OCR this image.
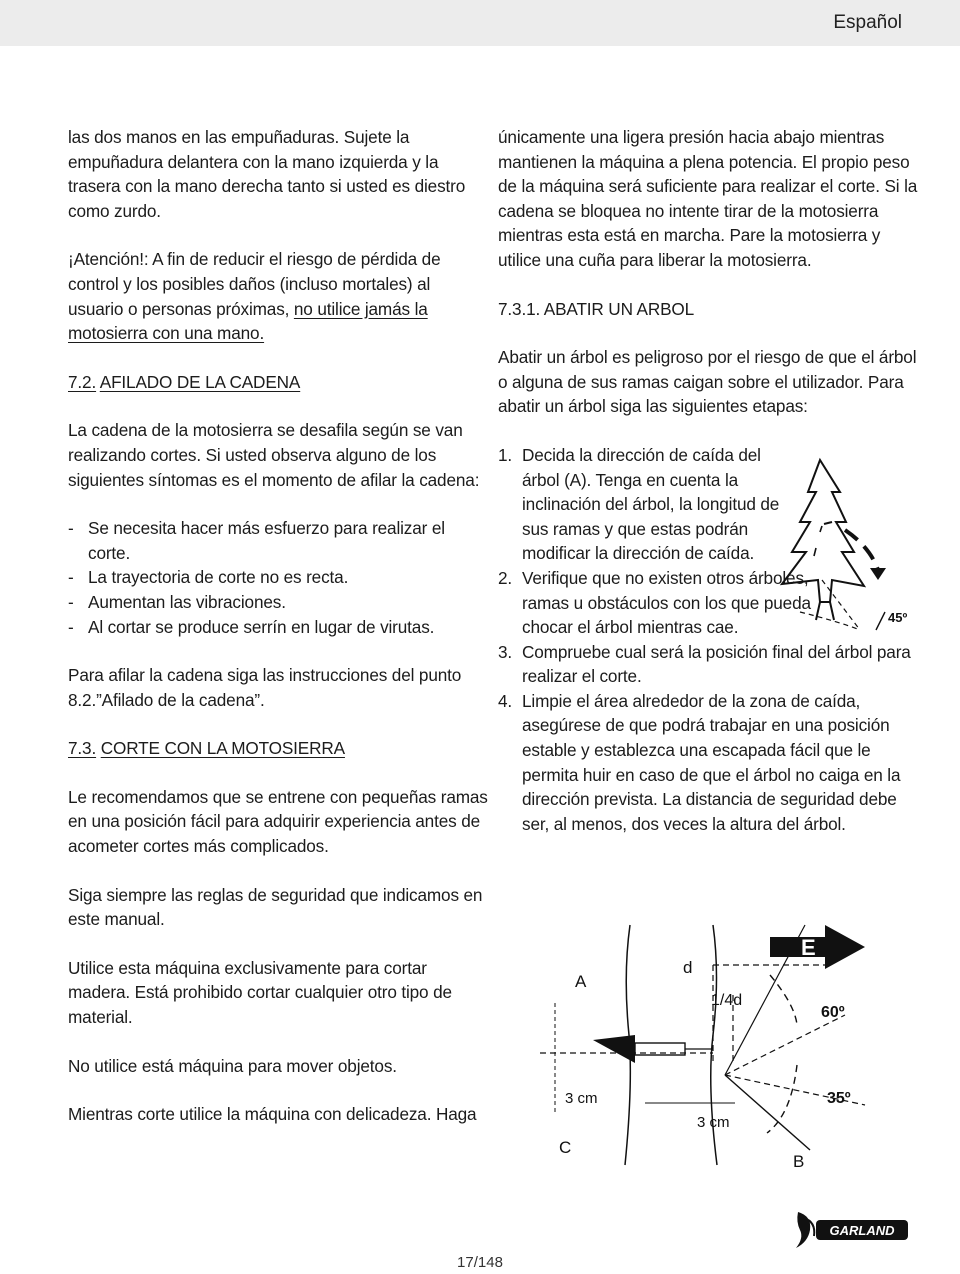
Español

las dos manos en las empuñaduras. Sujete la empuñadura delantera con la mano izquierda y la trasera con la mano derecha tanto si usted es diestro como zurdo.

¡Atención!: A fin de reducir el riesgo de pérdida de control y los posibles daños (incluso mortales) al usuario o personas próximas, no utilice jamás la motosierra con una mano.

7.2. AFILADO DE LA CADENA

La cadena de la motosierra se desafila según se van realizando cortes. Si usted observa alguno de los siguientes síntomas es el momento de afilar la cadena:

- Se necesita hacer más esfuerzo para realizar el corte.
- La trayectoria de corte no es recta.
- Aumentan las vibraciones.
- Al cortar se produce serrín en lugar de virutas.

Para afilar la cadena siga las instrucciones del punto 8.2.”Afilado de la cadena”.

7.3. CORTE CON LA MOTOSIERRA

Le recomendamos que se entrene con pequeñas ramas en una posición fácil para adquirir experiencia antes de acometer cortes más complicados.

Siga siempre las reglas de seguridad que indicamos en este manual.

Utilice esta máquina exclusivamente para cortar madera. Está prohibido cortar cualquier otro tipo de material.

No utilice está máquina para mover objetos.

Mientras corte utilice la máquina con delicadeza. Haga

únicamente una ligera presión hacia abajo mientras mantienen la máquina a plena potencia. El propio peso de la máquina será suficiente para realizar el corte. Si la cadena se bloquea no intente tirar de la motosierra mientras esta está en marcha. Pare la motosierra y utilice una cuña para liberar la motosierra.

7.3.1. ABATIR UN ARBOL

Abatir un árbol es peligroso por el riesgo de que el árbol o alguna de sus ramas caigan sobre el utilizador. Para abatir un árbol siga las siguientes etapas:

1. Decida la dirección de caída del árbol (A). Tenga en cuenta la inclinación del árbol, la longitud de sus ramas y que estas podrán modificar la dirección de caída.
2. Verifique que no existen otros árboles, ramas u obstáculos con los que pueda chocar el árbol mientras cae.
3. Compruebe cual será la posición final del árbol para realizar el corte.
4. Limpie el área alrededor de la zona de caída, asegúrese de que podrá trabajar en una posición estable y establezca una escapada fácil que le permita huir en caso de que el árbol no caiga en la dirección prevista. La distancia de seguridad debe ser, al menos, dos veces la altura del árbol.
45º
A
d
1/4d
E
60º
35º
3 cm
3 cm
C
B
GARLAND
17/148
